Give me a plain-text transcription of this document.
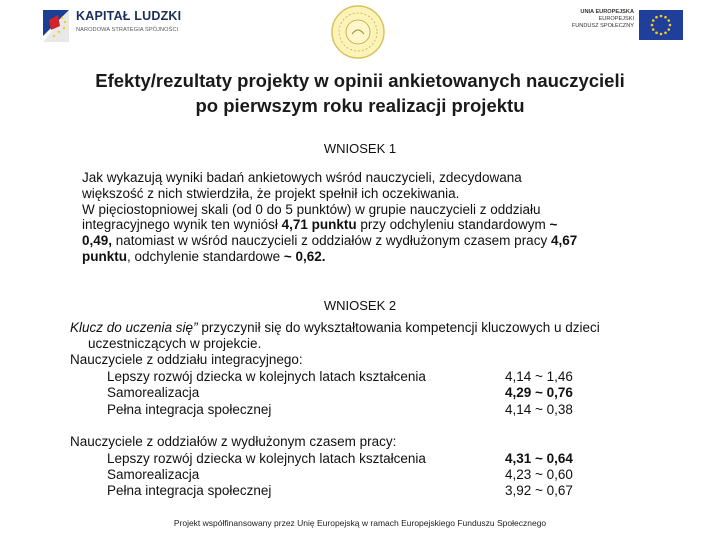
KAPITAŁ LUDZKI
NARODOWA STRATEGIA SPÓJNOŚCI
UNIA EUROPEJSKA
EUROPEJSKI
FUNDUSZ SPOŁECZNY
Efekty/rezultaty projekty w opinii ankietowanych nauczycieli
po pierwszym roku realizacji projektu
WNIOSEK 1
Jak wykazują wyniki badań ankietowych wśród nauczycieli, zdecydowana
większość z nich stwierdziła, że projekt spełnił ich oczekiwania.
W pięciostopniowej skali (od 0 do 5 punktów) w grupie nauczycieli z oddziału
integracyjnego wynik ten wyniósł 4,71 punktu przy odchyleniu standardowym ~
0,49, natomiast w wśród nauczycieli z oddziałów z wydłużonym czasem pracy 4,67
punktu, odchylenie standardowe ~ 0,62.
WNIOSEK 2
Klucz do uczenia się” przyczynił się do wykształtowania kompetencji kluczowych u dzieci
uczestniczących w projekcie.
Nauczyciele z oddziału integracyjnego:
Lepszy rozwój dziecka w kolejnych latach kształcenia	4,14 ~ 1,46
Samorealizacja	4,29 ~ 0,76
Pełna integracja społecznej	4,14 ~ 0,38
Nauczyciele z oddziałów z wydłużonym czasem pracy:
Lepszy rozwój dziecka w kolejnych latach kształcenia	4,31 ~ 0,64
Samorealizacja	4,23 ~ 0,60
Pełna integracja społecznej	3,92 ~ 0,67
Projekt współfinansowany przez Unię Europejską w ramach Europejskiego Funduszu Społecznego
